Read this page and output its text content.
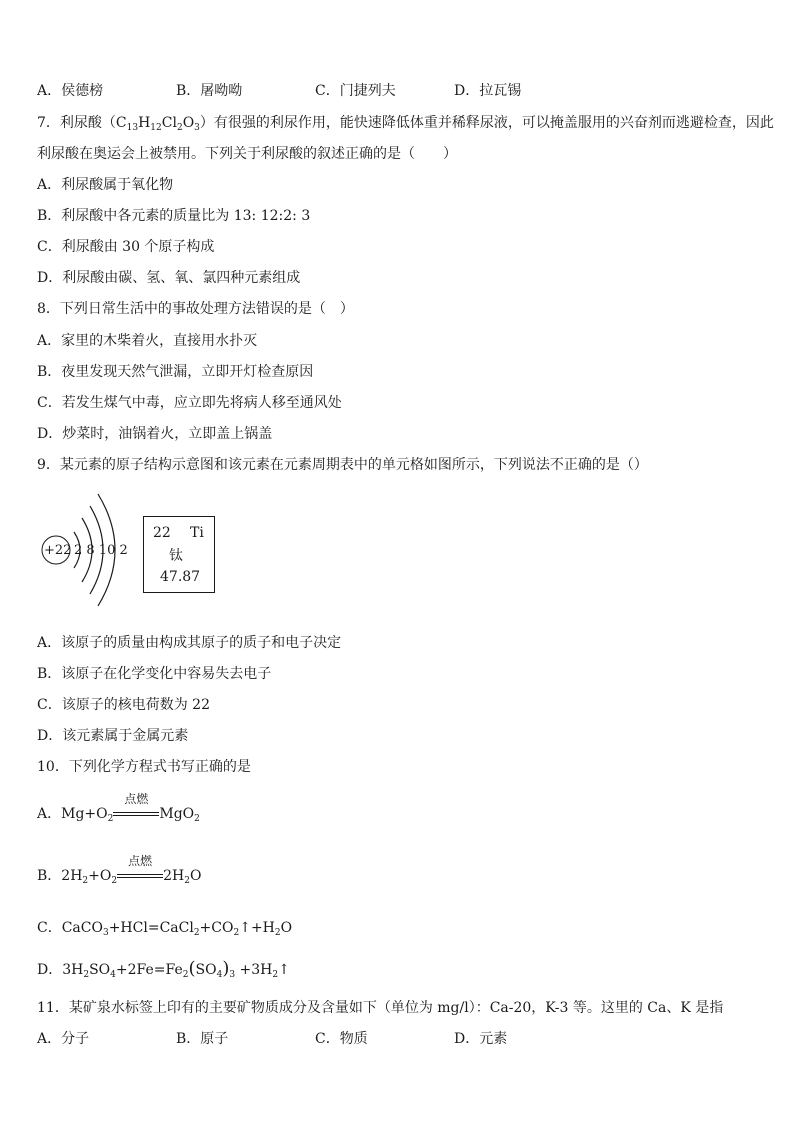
A．侯德榜	B．屠呦呦	C．门捷列夫	D．拉瓦锡
7．利尿酸$(C_{13}H_{12}Cl_2O_3)$有很强的利尿作用，能快速降低体重并稀释尿液，可以掩盖服用的兴奋剂而逃避检查，因此
利尿酸在奥运会上被禁用。下列关于利尿酸的叙述正确的是（　　）
A．利尿酸属于氧化物
B．利尿酸中各元素的质量比为 13: 12:2: 3
C．利尿酸由 30 个原子构成
D．利尿酸由碳、氢、氧、氯四种元素组成
8．下列日常生活中的事故处理方法错误的是（　）
A．家里的木柴着火，直接用水扑灭
B．夜里发现天然气泄漏，立即开灯检查原因
C．若发生煤气中毒，应立即先将病人移至通风处
D．炒菜时，油锅着火，立即盖上锅盖
9．某元素的原子结构示意图和该元素在元素周期表中的单元格如图所示，下列说法不正确的是（）
+22 2 8 10 2
22 Ti
钛
47.87
A．该原子的质量由构成其原子的质子和电子决定
B．该原子在化学变化中容易失去电子
C．该原子的核电荷数为 22
D．该元素属于金属元素
10．下列化学方程式书写正确的是
A．$Mg+O_2$
点燃
MgO$_2$
B．$2H_2+O_2$
点燃
$2H_2O$
C．$CaCO_3+HCl=CaCl_2+CO_2↑+H_2O$
D．$3H_2SO_4+2Fe=Fe_2(SO_4)_3$ $+3H_2↑$
11．某矿泉水标签上印有的主要矿物质成分及含量如下（单位为 mg/l）：Ca-20，K-3 等。这里的 Ca、K 是指
A．分子	B．原子	C．物质	D．元素
